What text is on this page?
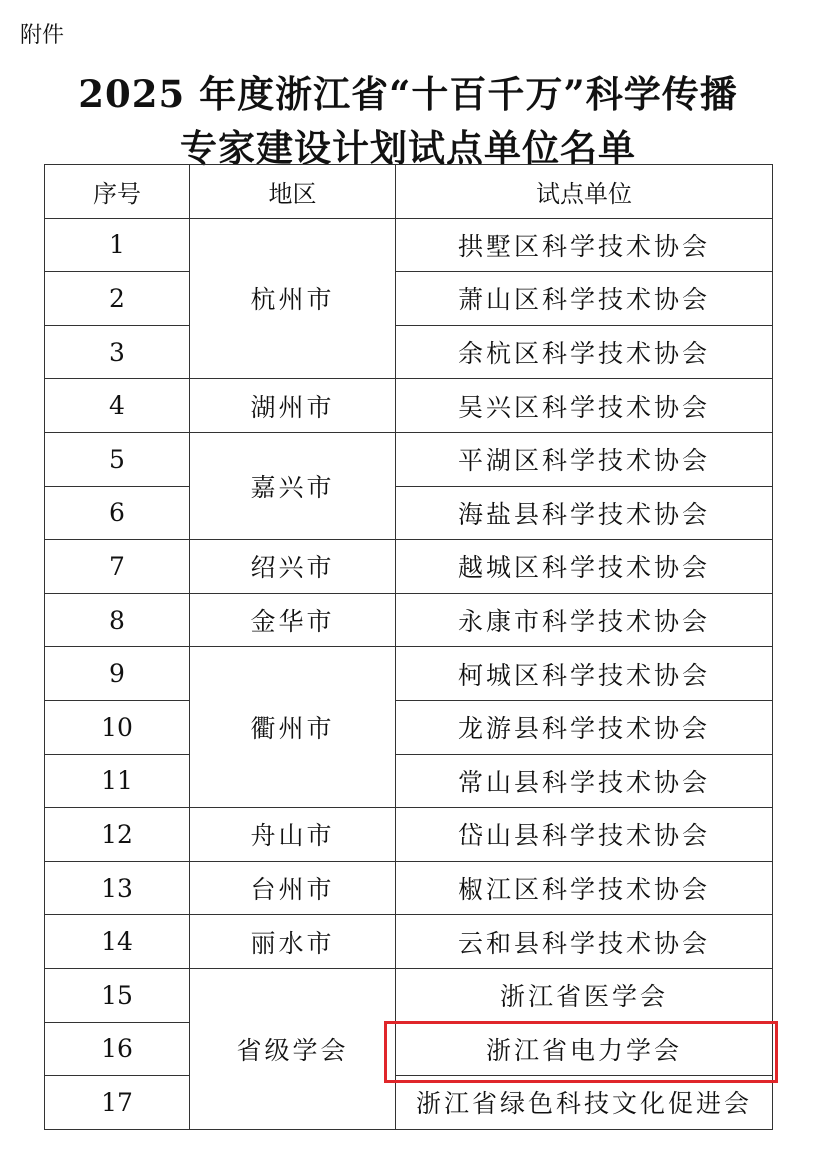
附件
2025 年度浙江省“十百千万”科学传播
专家建设计划试点单位名单
序号	地区	试点单位
1	杭州市	拱墅区科学技术协会
2		萧山区科学技术协会
3		余杭区科学技术协会
4	湖州市	吴兴区科学技术协会
5	嘉兴市	平湖区科学技术协会
6		海盐县科学技术协会
7	绍兴市	越城区科学技术协会
8	金华市	永康市科学技术协会
9	衢州市	柯城区科学技术协会
10		龙游县科学技术协会
11		常山县科学技术协会
12	舟山市	岱山县科学技术协会
13	台州市	椒江区科学技术协会
14	丽水市	云和县科学技术协会
15	省级学会	浙江省医学会
16		浙江省电力学会
17		浙江省绿色科技文化促进会
